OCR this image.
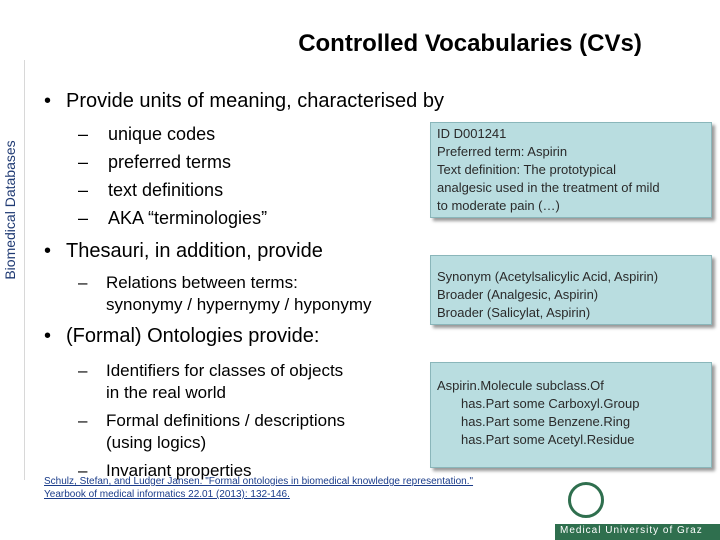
Controlled Vocabularies (CVs)
Biomedical Databases
• Provide units of meaning, characterised by
– unique codes
– preferred terms
– text definitions
– AKA “terminologies”
• Thesauri, in addition, provide
– Relations between terms:
synonymy / hypernymy / hyponymy
• (Formal) Ontologies provide:
– Identifiers for classes of objects
in the real world
– Formal definitions / descriptions
(using logics)
– Invariant properties
ID D001241
Preferred term: Aspirin
Text definition: The prototypical
analgesic used in the treatment of mild
to moderate pain (…)
Synonym (Acetylsalicylic Acid, Aspirin)
Broader (Analgesic, Aspirin)
Broader (Salicylat, Aspirin)
Aspirin.Molecule subclass.Of
has.Part some Carboxyl.Group
has.Part some Benzene.Ring
has.Part some Acetyl.Residue
Schulz, Stefan, and Ludger Jansen. "Formal ontologies in biomedical knowledge representation."
Yearbook of medical informatics 22.01 (2013): 132-146.
Medical University of Graz
